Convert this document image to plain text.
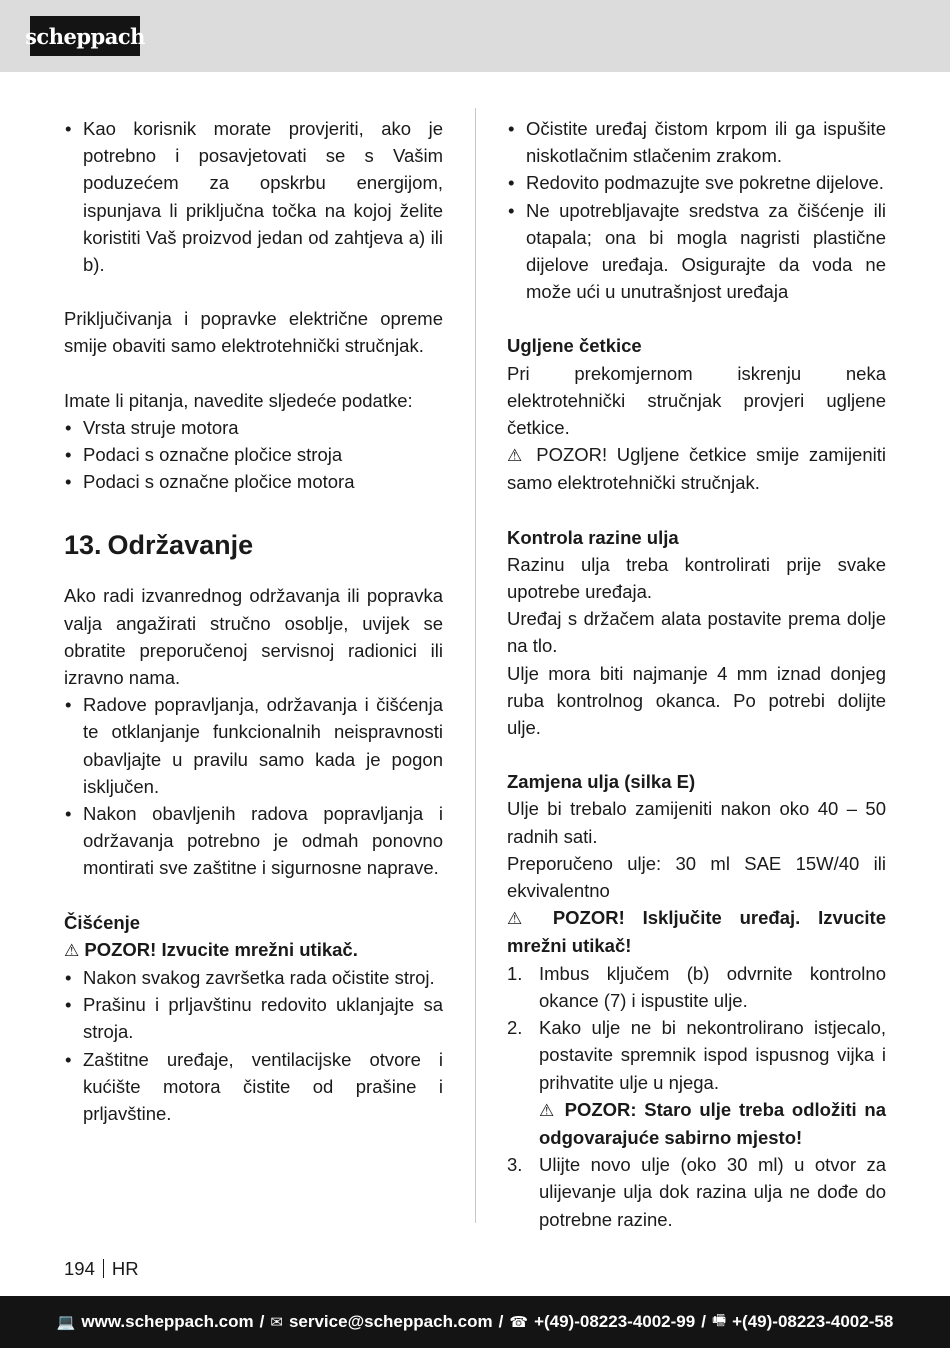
scheppach
• Kao korisnik morate provjeriti, ako je potrebno i posavjetovati se s Vašim poduzećem za opskrbu energijom, ispunjava li priključna točka na kojoj želite koristiti Vaš proizvod jedan od zahtjeva a) ili b).

Priključivanja i popravke električne opreme smije obaviti samo elektrotehnički stručnjak.

Imate li pitanja, navedite sljedeće podatke:

• Vrsta struje motora
• Podaci s označne pločice stroja
• Podaci s označne pločice motora
13. Održavanje

Ako radi izvanrednog održavanja ili popravka valja angažirati stručno osoblje, uvijek se obratite preporučenoj servisnoj radionici ili izravno nama.

• Radove popravljanja, održavanja i čišćenja te otklanjanje funkcionalnih neispravnosti obavljajte u pravilu samo kada je pogon isključen.
• Nakon obavljenih radova popravljanja i održavanja potrebno je odmah ponovno montirati sve zaštitne i sigurnosne naprave.

Čišćenje

⚠ POZOR! Izvucite mrežni utikač.

• Nakon svakog završetka rada očistite stroj.
• Prašinu i prljavštinu redovito uklanjajte sa stroja.
• Zaštitne uređaje, ventilacijske otvore i kućište motora čistite od prašine i prljavštine.
• Očistite uređaj čistom krpom ili ga ispušite niskotlačnim stlačenim zrakom.
• Redovito podmazujte sve pokretne dijelove.
• Ne upotrebljavajte sredstva za čišćenje ili otapala; ona bi mogla nagristi plastične dijelove uređaja. Osigurajte da voda ne može ući u unutrašnjost uređaja

Ugljene četkice

Pri prekomjernom iskrenju neka elektrotehnički stručnjak provjeri ugljene četkice.

⚠ POZOR! Ugljene četkice smije zamijeniti samo elektrotehnički stručnjak.

Kontrola razine ulja

Razinu ulja treba kontrolirati prije svake upotrebe uređaja.

Uređaj s držačem alata postavite prema dolje na tlo.

Ulje mora biti najmanje 4 mm iznad donjeg ruba kontrolnog okanca. Po potrebi dolijte ulje.

Zamjena ulja (silka E)

Ulje bi trebalo zamijeniti nakon oko 40 – 50 radnih sati.

Preporučeno ulje: 30 ml SAE 15W/40 ili ekvivalentno

⚠ POZOR! Isključite uređaj. Izvucite mrežni utikač!

1. Imbus ključem (b) odvrnite kontrolno okance (7) i ispustite ulje.
2. Kako ulje ne bi nekontrolirano istjecalo, postavite spremnik ispod ispusnog vijka i prihvatite ulje u njega.
⚠ POZOR: Staro ulje treba odložiti na odgovarajuće sabirno mjesto!
3. Ulijte novo ulje (oko 30 ml) u otvor za ulijevanje ulja dok razina ulja ne dođe do potrebne razine.
194 HR
💻 www.scheppach.com / ✉ service@scheppach.com / ☎ +(49)-08223-4002-99 / 🖷 +(49)-08223-4002-58
